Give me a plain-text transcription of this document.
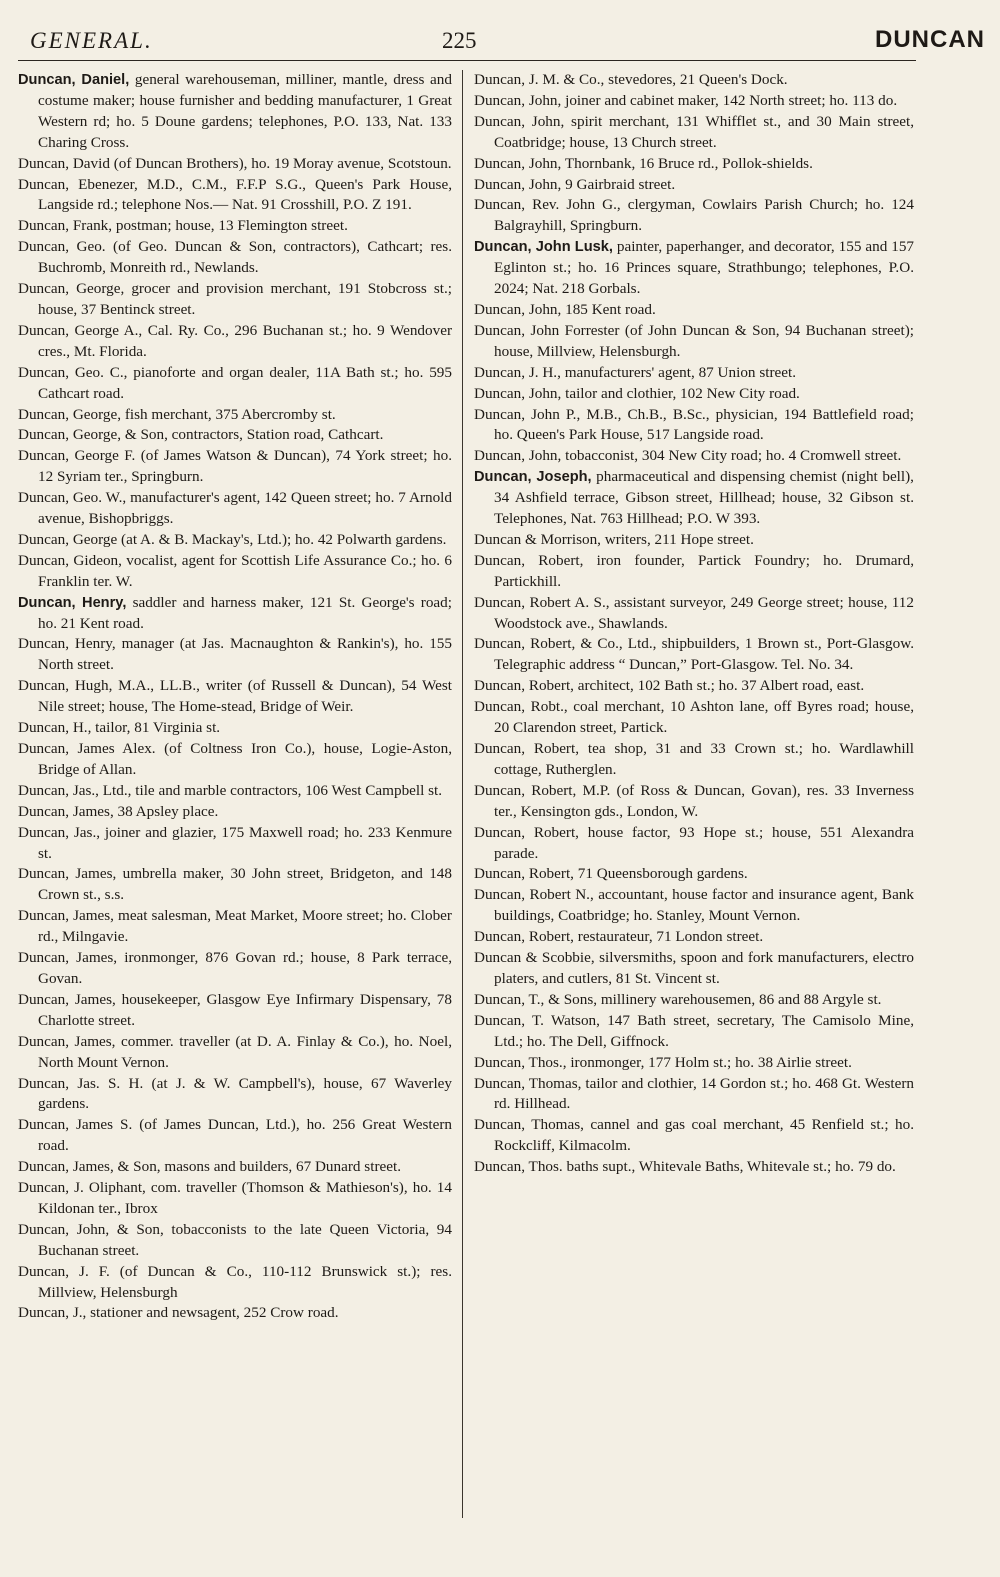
GENERAL.	225	DUNCAN

Duncan, Daniel, general warehouseman, milliner, mantle, dress and costume maker; house furnisher and bedding manufacturer, 1 Great Western rd; ho. 5 Doune gardens; telephones, P.O. 133, Nat. 133 Charing Cross.

Duncan, David (of Duncan Brothers), ho. 19 Moray avenue, Scotstoun.

Duncan, Ebenezer, M.D., C.M., F.F.P S.G., Queen's Park House, Langside rd.; telephone Nos.— Nat. 91 Crosshill, P.O. Z 191.

Duncan, Frank, postman; house, 13 Flemington street.

Duncan, Geo. (of Geo. Duncan & Son, contractors), Cathcart; res. Buchromb, Monreith rd., Newlands.

Duncan, George, grocer and provision merchant, 191 Stobcross st.; house, 37 Bentinck street.

Duncan, George A., Cal. Ry. Co., 296 Buchanan st.; ho. 9 Wendover cres., Mt. Florida.

Duncan, Geo. C., pianoforte and organ dealer, 11A Bath st.; ho. 595 Cathcart road.

Duncan, George, fish merchant, 375 Abercromby st.

Duncan, George, & Son, contractors, Station road, Cathcart.

Duncan, George F. (of James Watson & Duncan), 74 York street; ho. 12 Syriam ter., Springburn.

Duncan, Geo. W., manufacturer's agent, 142 Queen street; ho. 7 Arnold avenue, Bishopbriggs.

Duncan, George (at A. & B. Mackay's, Ltd.); ho. 42 Polwarth gardens.

Duncan, Gideon, vocalist, agent for Scottish Life Assurance Co.; ho. 6 Franklin ter. W.

Duncan, Henry, saddler and harness maker, 121 St. George's road; ho. 21 Kent road.

Duncan, Henry, manager (at Jas. Macnaughton & Rankin's), ho. 155 North street.

Duncan, Hugh, M.A., LL.B., writer (of Russell & Duncan), 54 West Nile street; house, The Home-stead, Bridge of Weir.

Duncan, H., tailor, 81 Virginia st.

Duncan, James Alex. (of Coltness Iron Co.), house, Logie-Aston, Bridge of Allan.

Duncan, Jas., Ltd., tile and marble contractors, 106 West Campbell st.

Duncan, James, 38 Apsley place.

Duncan, Jas., joiner and glazier, 175 Maxwell road; ho. 233 Kenmure st.

Duncan, James, umbrella maker, 30 John street, Bridgeton, and 148 Crown st., s.s.

Duncan, James, meat salesman, Meat Market, Moore street; ho. Clober rd., Milngavie.

Duncan, James, ironmonger, 876 Govan rd.; house, 8 Park terrace, Govan.

Duncan, James, housekeeper, Glasgow Eye Infirmary Dispensary, 78 Charlotte street.

Duncan, James, commer. traveller (at D. A. Finlay & Co.), ho. Noel, North Mount Vernon.

Duncan, Jas. S. H. (at J. & W. Campbell's), house, 67 Waverley gardens.

Duncan, James S. (of James Duncan, Ltd.), ho. 256 Great Western road.

Duncan, James, & Son, masons and builders, 67 Dunard street.

Duncan, J. Oliphant, com. traveller (Thomson & Mathieson's), ho. 14 Kildonan ter., Ibrox

Duncan, John, & Son, tobacconists to the late Queen Victoria, 94 Buchanan street.

Duncan, J. F. (of Duncan & Co., 110-112 Brunswick st.); res. Millview, Helensburgh

Duncan, J., stationer and newsagent, 252 Crow road.

Duncan, J. M. & Co., stevedores, 21 Queen's Dock.

Duncan, John, joiner and cabinet maker, 142 North street; ho. 113 do.

Duncan, John, spirit merchant, 131 Whifflet st., and 30 Main street, Coatbridge; house, 13 Church street.

Duncan, John, Thornbank, 16 Bruce rd., Pollok-shields.

Duncan, John, 9 Gairbraid street.

Duncan, Rev. John G., clergyman, Cowlairs Parish Church; ho. 124 Balgrayhill, Springburn.

Duncan, John Lusk, painter, paperhanger, and decorator, 155 and 157 Eglinton st.; ho. 16 Princes square, Strathbungo; telephones, P.O. 2024; Nat. 218 Gorbals.

Duncan, John, 185 Kent road.

Duncan, John Forrester (of John Duncan & Son, 94 Buchanan street); house, Millview, Helensburgh.

Duncan, J. H., manufacturers' agent, 87 Union street.

Duncan, John, tailor and clothier, 102 New City road.

Duncan, John P., M.B., Ch.B., B.Sc., physician, 194 Battlefield road; ho. Queen's Park House, 517 Langside road.

Duncan, John, tobacconist, 304 New City road; ho. 4 Cromwell street.

Duncan, Joseph, pharmaceutical and dispensing chemist (night bell), 34 Ashfield terrace, Gibson street, Hillhead; house, 32 Gibson st. Telephones, Nat. 763 Hillhead; P.O. W 393.

Duncan & Morrison, writers, 211 Hope street.

Duncan, Robert, iron founder, Partick Foundry; ho. Drumard, Partickhill.

Duncan, Robert A. S., assistant surveyor, 249 George street; house, 112 Woodstock ave., Shawlands.

Duncan, Robert, & Co., Ltd., shipbuilders, 1 Brown st., Port-Glasgow. Telegraphic address “ Duncan,” Port-Glasgow. Tel. No. 34.

Duncan, Robert, architect, 102 Bath st.; ho. 37 Albert road, east.

Duncan, Robt., coal merchant, 10 Ashton lane, off Byres road; house, 20 Clarendon street, Partick.

Duncan, Robert, tea shop, 31 and 33 Crown st.; ho. Wardlawhill cottage, Rutherglen.

Duncan, Robert, M.P. (of Ross & Duncan, Govan), res. 33 Inverness ter., Kensington gds., London, W.

Duncan, Robert, house factor, 93 Hope st.; house, 551 Alexandra parade.

Duncan, Robert, 71 Queensborough gardens.

Duncan, Robert N., accountant, house factor and insurance agent, Bank buildings, Coatbridge; ho. Stanley, Mount Vernon.

Duncan, Robert, restaurateur, 71 London street.

Duncan & Scobbie, silversmiths, spoon and fork manufacturers, electro platers, and cutlers, 81 St. Vincent st.

Duncan, T., & Sons, millinery warehousemen, 86 and 88 Argyle st.

Duncan, T. Watson, 147 Bath street, secretary, The Camisolo Mine, Ltd.; ho. The Dell, Giffnock.

Duncan, Thos., ironmonger, 177 Holm st.; ho. 38 Airlie street.

Duncan, Thomas, tailor and clothier, 14 Gordon st.; ho. 468 Gt. Western rd. Hillhead.

Duncan, Thomas, cannel and gas coal merchant, 45 Renfield st.; ho. Rockcliff, Kilmacolm.

Duncan, Thos. baths supt., Whitevale Baths, Whitevale st.; ho. 79 do.
